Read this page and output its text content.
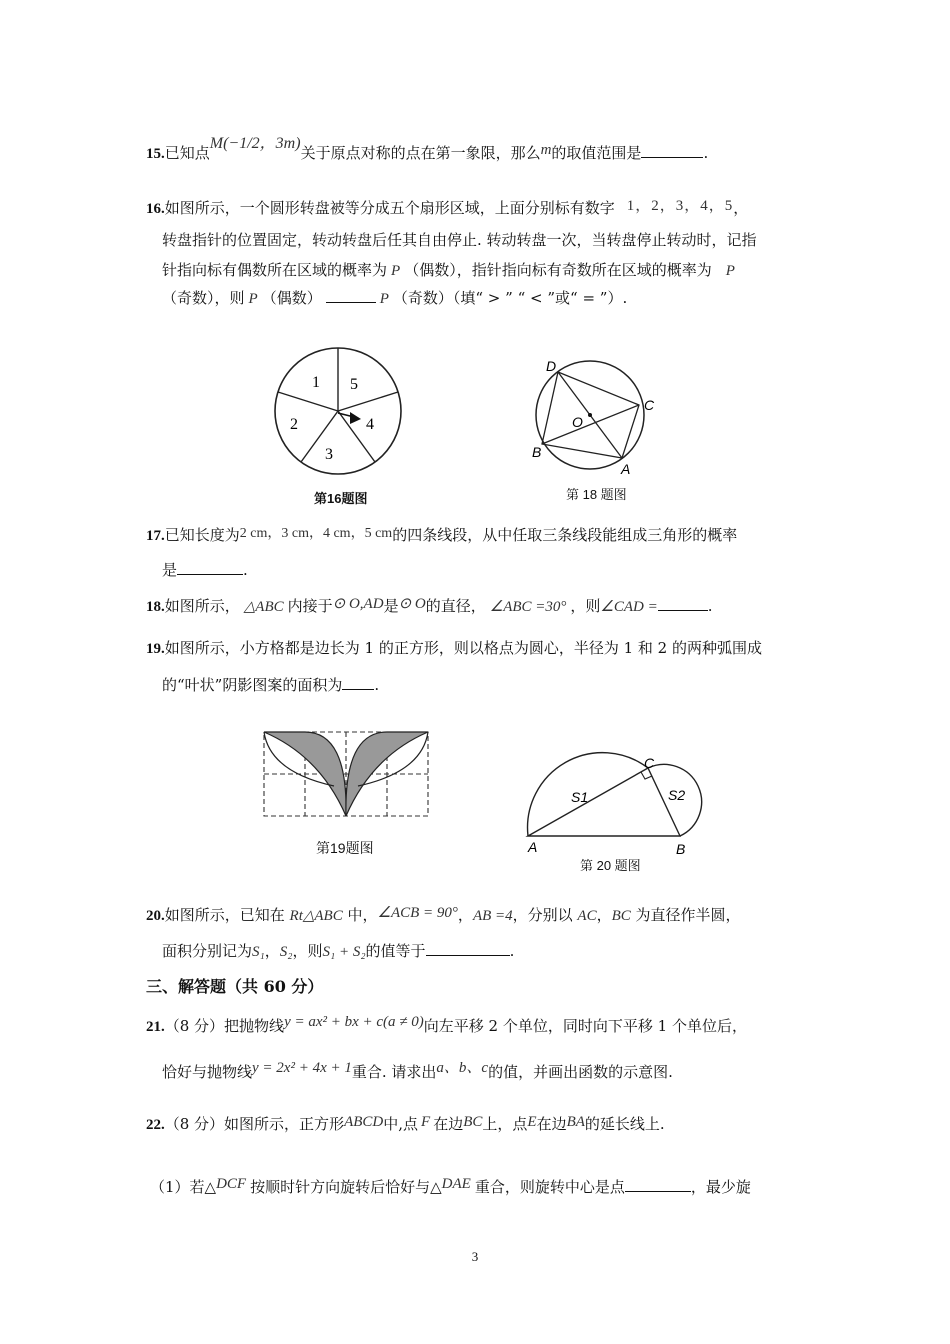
15.已知点M(−1/2，3m)关于原点对称的点在第一象限，那么m的取值范围是	.
16.如图所示，一个圆形转盘被等分成五个扇形区域，上面分别标有数字 1，2，3，4，5，
转盘指针的位置固定，转动转盘后任其自由停止. 转动转盘一次，当转盘停止转动时，记指
针指向标有偶数所在区域的概率为 P （偶数），指针指向标有奇数所在区域的概率为 P
（奇数），则 P （偶数）	P （奇数）（填“ > ” “ < ”或“ = ”）.
1 5
2	4
3
第16题图
D
C
O
B
A
第 18 题图
17.已知长度为2 cm，3 cm，4 cm，5 cm的四条线段，从中任取三条线段能组成三角形的概率
是	.
18.如图所示， △ABC 内接于⊙ O,AD是⊙ O的直径， ∠ABC =30° ，则∠CAD =	.
19.如图所示，小方格都是边长为 1 的正方形，则以格点为圆心，半径为 1 和 2 的两种弧围成
的“叶状”阴影图案的面积为 .
第19题图
C
S1	S2
A	B
第 20 题图
20.如图所示，已知在 Rt△ABC 中，∠ACB = 90°，AB =4，分别以 AC，BC 为直径作半圆，
面积分别记为S₁，S₂，则S₁ + S₂的值等于	.
三、解答题（共 60 分）
21.（8 分）把抛物线y = ax² + bx + c(a ≠ 0)向左平移 2 个单位，同时向下平移 1 个单位后，
恰好与抛物线y = 2x² + 4x + 1重合. 请求出a、b、c的值，并画出函数的示意图.
22.（8 分）如图所示，正方形ABCD中,点 F 在边BC上，点E在边BA的延长线上.
（1）若△DCF 按顺时针方向旋转后恰好与△DAE 重合，则旋转中心是点	，最少旋
3
